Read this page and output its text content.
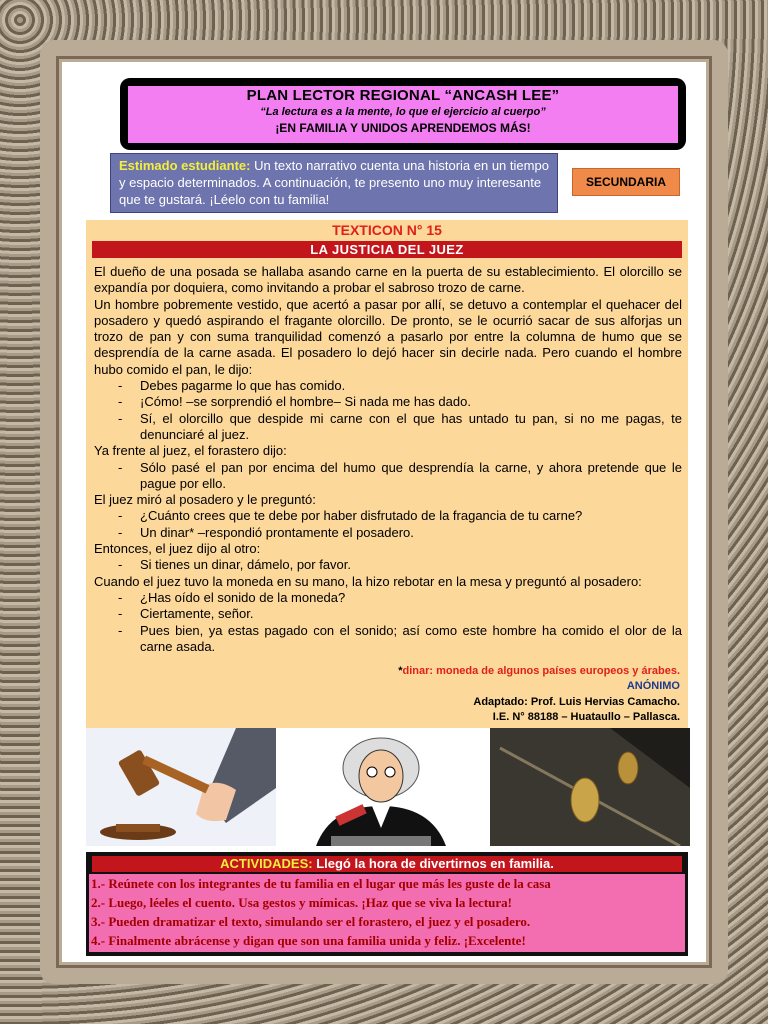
PLAN LECTOR REGIONAL “ANCASH LEE”
“La lectura es a la mente, lo que el ejercicio al cuerpo”
¡EN FAMILIA Y UNIDOS APRENDEMOS MÁS!
Estimado estudiante: Un texto narrativo cuenta una historia en un tiempo y espacio determinados. A continuación, te presento uno muy interesante que te gustará. ¡Léelo con tu familia!
SECUNDARIA
TEXTICON N° 15
LA JUSTICIA DEL JUEZ

El dueño de una posada se hallaba asando carne en la puerta de su establecimiento. El olorcillo se expandía por doquiera, como invitando a probar el sabroso trozo de carne.

Un hombre pobremente vestido, que acertó a pasar por allí, se detuvo a contemplar el quehacer del posadero y quedó aspirando el fragante olorcillo. De pronto, se le ocurrió sacar de sus alforjas un trozo de pan y con suma tranquilidad comenzó a pasarlo por entre la columna de humo que se desprendía de la carne asada. El posadero lo dejó hacer sin decirle nada. Pero cuando el hombre hubo comido el pan, le dijo:

- Debes pagarme lo que has comido.

- ¡Cómo! –se sorprendió el hombre– Si nada me has dado.

- Sí, el olorcillo que despide mi carne con el que has untado tu pan, si no me pagas, te denunciaré al juez.

Ya frente al juez, el forastero dijo:

- Sólo pasé el pan por encima del humo que desprendía la carne, y ahora pretende que le pague por ello.

El juez miró al posadero y le preguntó:

- ¿Cuánto crees que te debe por haber disfrutado de la fragancia de tu carne?

- Un dinar* –respondió prontamente el posadero.

Entonces, el juez dijo al otro:

- Si tienes un dinar, dámelo, por favor.

Cuando el juez tuvo la moneda en su mano, la hizo rebotar en la mesa y preguntó al posadero:

- ¿Has oído el sonido de la moneda?

- Ciertamente, señor.

- Pues bien, ya estas pagado con el sonido; así como este hombre ha comido el olor de la carne asada.

*dinar: moneda de algunos países europeos y árabes.
ANÓNIMO
Adaptado: Prof. Luis Hervias Camacho.
I.E. N° 88188 – Huataullo – Pallasca.
ACTIVIDADES: Llegó la hora de divertirnos en familia.
1.- Reúnete con los integrantes de tu familia en el lugar que más les guste de la casa
2.- Luego, léeles el cuento. Usa gestos y mímicas. ¡Haz que se viva la lectura!
3.- Pueden dramatizar el texto, simulando ser el forastero, el juez y el posadero.
4.- Finalmente abrácense y digan que son una familia unida y feliz. ¡Excelente!
